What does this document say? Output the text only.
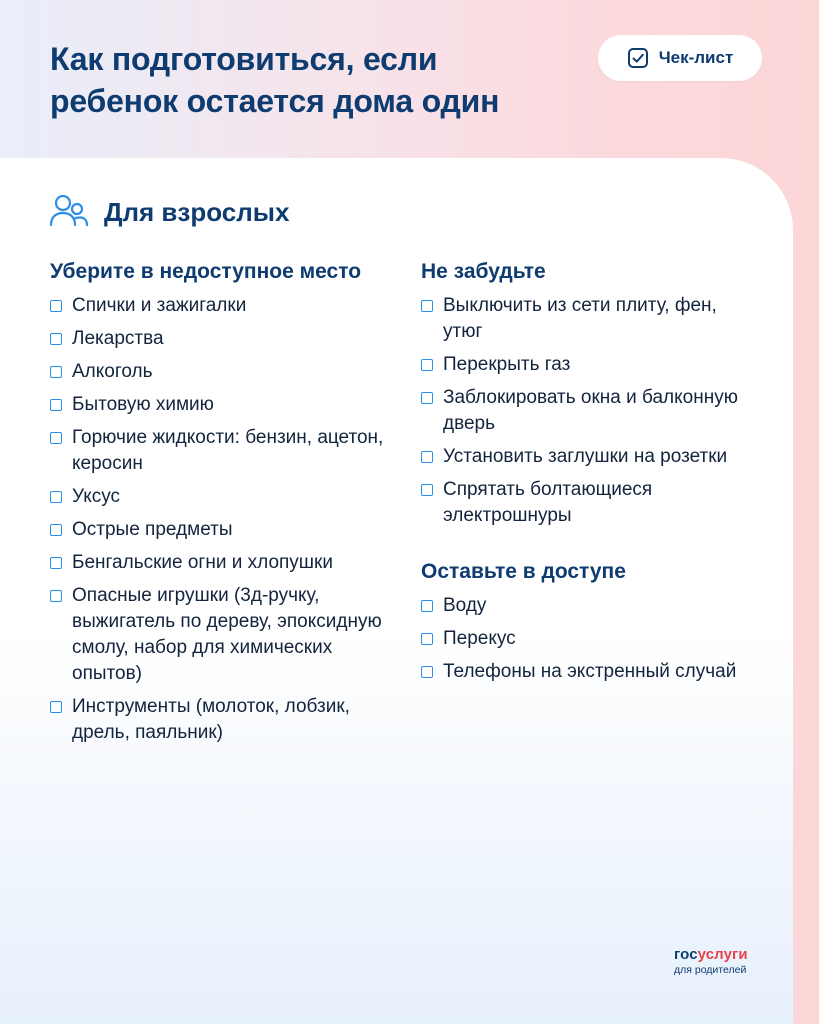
Как подготовиться, если
ребенок остается дома один
Чек-лист
Для взрослых
Уберите в недоступное место
Спички и зажигалки
Лекарства
Алкоголь
Бытовую химию
Горючие жидкости: бензин, ацетон, керосин
Уксус
Острые предметы
Бенгальские огни и хлопушки
Опасные игрушки (3д-ручку, выжигатель по дереву, эпоксидную смолу, набор для химических опытов)
Инструменты (молоток, лобзик, дрель, паяльник)
Не забудьте
Выключить из сети плиту, фен, утюг
Перекрыть газ
Заблокировать окна и балконную дверь
Установить заглушки на розетки
Спрятать болтающиеся электрошнуры
Оставьте в доступе
Воду
Перекус
Телефоны на экстренный случай
госуслуги
для родителей
